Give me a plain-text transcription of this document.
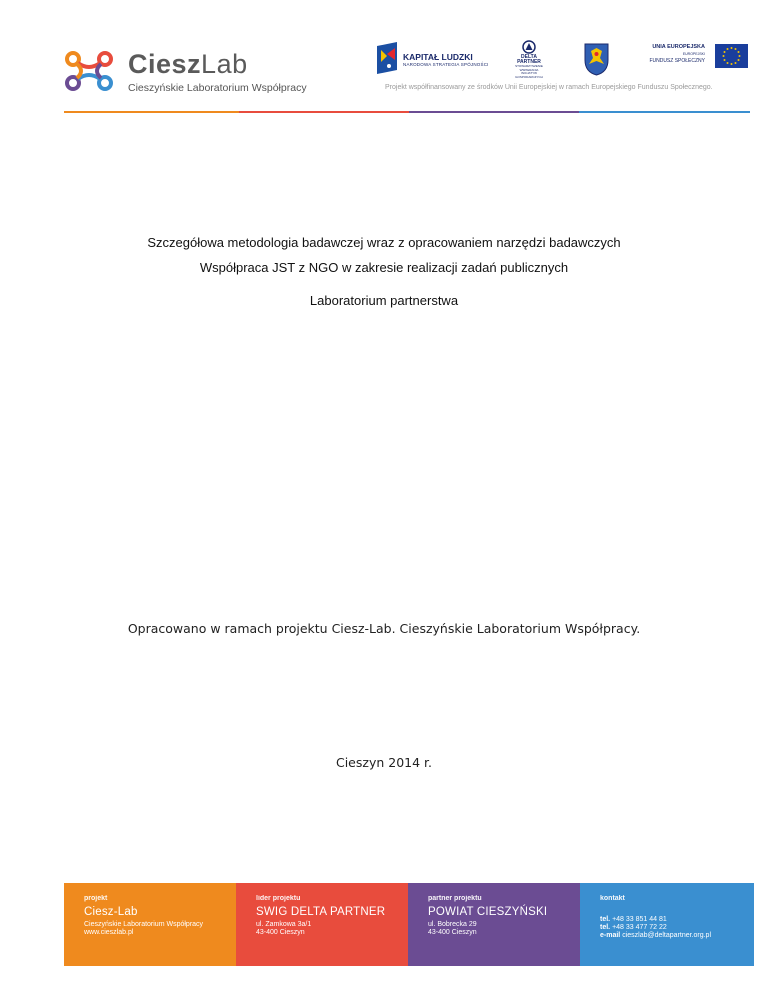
CieszLab
Cieszyńskie Laboratorium Współpracy
KAPITAŁ LUDZKI
NARODOWA STRATEGIA SPÓJNOŚCI
DELTA
PARTNER
STOWARZYSZENIE WSPIERANIA INICJATYW GOSPODARCZYCH
UNIA EUROPEJSKA
EUROPEJSKI
FUNDUSZ SPOŁECZNY
Projekt współfinansowany ze środków Unii Europejskiej w ramach Europejskiego Funduszu Społecznego.
Szczegółowa metodologia badawczej wraz z opracowaniem narzędzi badawczych
Współpraca JST z NGO w zakresie realizacji zadań publicznych
Laboratorium partnerstwa
Opracowano w ramach projektu Ciesz-Lab. Cieszyńskie Laboratorium Współpracy.
Cieszyn 2014 r.
projekt
Ciesz-Lab
Cieszyńskie Laboratorium Współpracy
www.cieszlab.pl
lider projektu
SWIG DELTA PARTNER
ul. Zamkowa 3a/1
43-400 Cieszyn
partner projektu
POWIAT CIESZYŃSKI
ul. Bobrecka 29
43-400 Cieszyn
kontakt
tel. +48 33 851 44 81
tel. +48 33 477 72 22
e-mail cieszlab@deltapartner.org.pl
